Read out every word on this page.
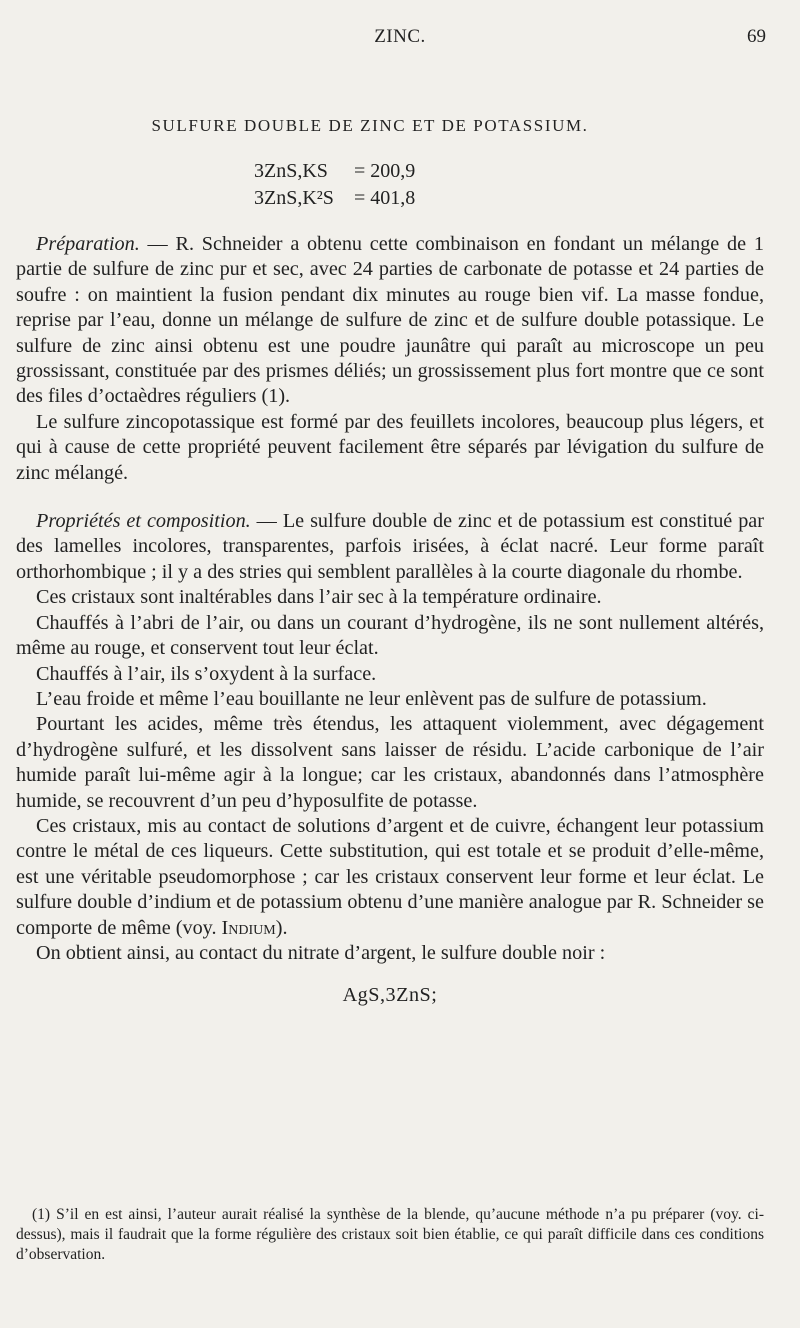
ZINC.	69
SULFURE DOUBLE DE ZINC ET DE POTASSIUM.
3ZnS,KS = 200,9
3ZnS,K²S = 401,8

Préparation. — R. Schneider a obtenu cette combinaison en fondant un mélange de 1 partie de sulfure de zinc pur et sec, avec 24 parties de carbonate de potasse et 24 parties de soufre : on maintient la fusion pendant dix minutes au rouge bien vif. La masse fondue, reprise par l’eau, donne un mélange de sulfure de zinc et de sulfure double potassique. Le sulfure de zinc ainsi obtenu est une poudre jaunâtre qui paraît au microscope un peu grossissant, constituée par des prismes déliés; un grossissement plus fort montre que ce sont des files d’octaèdres réguliers (1).

Le sulfure zincopotassique est formé par des feuillets incolores, beaucoup plus légers, et qui à cause de cette propriété peuvent facilement être séparés par lévigation du sulfure de zinc mélangé.

Propriétés et composition. — Le sulfure double de zinc et de potassium est constitué par des lamelles incolores, transparentes, parfois irisées, à éclat nacré. Leur forme paraît orthorhombique ; il y a des stries qui semblent parallèles à la courte diagonale du rhombe.

Ces cristaux sont inaltérables dans l’air sec à la température ordinaire.

Chauffés à l’abri de l’air, ou dans un courant d’hydrogène, ils ne sont nullement altérés, même au rouge, et conservent tout leur éclat.

Chauffés à l’air, ils s’oxydent à la surface.

L’eau froide et même l’eau bouillante ne leur enlèvent pas de sulfure de potassium.

Pourtant les acides, même très étendus, les attaquent violemment, avec dégagement d’hydrogène sulfuré, et les dissolvent sans laisser de résidu. L’acide carbonique de l’air humide paraît lui-même agir à la longue; car les cristaux, abandonnés dans l’atmosphère humide, se recouvrent d’un peu d’hyposulfite de potasse.

Ces cristaux, mis au contact de solutions d’argent et de cuivre, échangent leur potassium contre le métal de ces liqueurs. Cette substitution, qui est totale et se produit d’elle-même, est une véritable pseudomorphose ; car les cristaux conservent leur forme et leur éclat. Le sulfure double d’indium et de potassium obtenu d’une manière analogue par R. Schneider se comporte de même (voy. Indium).

On obtient ainsi, au contact du nitrate d’argent, le sulfure double noir :

AgS,3ZnS;

(1) S’il en est ainsi, l’auteur aurait réalisé la synthèse de la blende, qu’aucune méthode n’a pu préparer (voy. ci-dessus), mais il faudrait que la forme régulière des cristaux soit bien établie, ce qui paraît difficile dans ces conditions d’observation.
